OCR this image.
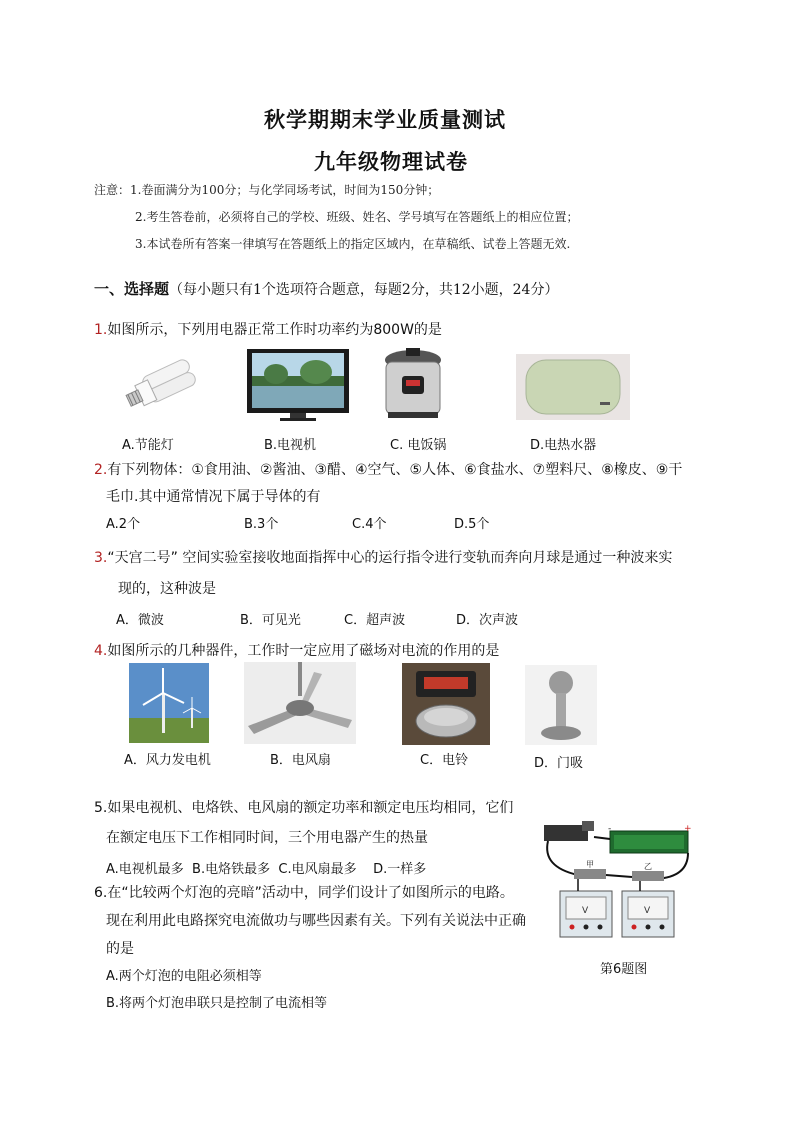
秋学期期末学业质量测试
九年级物理试卷
注意：1.卷面满分为100分；与化学同场考试，时间为150分钟；
2.考生答卷前，必须将自己的学校、班级、姓名、学号填写在答题纸上的相应位置；
3.本试卷所有答案一律填写在答题纸上的指定区域内，在草稿纸、试卷上答题无效.
一、选择题（每小题只有1个选项符合题意，每题2分，共12小题，24分）
1.如图所示，下列用电器正常工作时功率约为800W的是
A.节能灯	B.电视机	C. 电饭锅	D.电热水器
2.有下列物体：①食用油、②酱油、③醋、④空气、⑤人体、⑥食盐水、⑦塑料尺、⑧橡皮、⑨干
毛巾.其中通常情况下属于导体的有
A.2个	B.3个	C.4个	D.5个
3.“天宫二号” 空间实验室接收地面指挥中心的运行指令进行变轨而奔向月球是通过一种波来实
现的，这种波是
A．微波	B．可见光	C．超声波	D．次声波
4.如图所示的几种器件，工作时一定应用了磁场对电流的作用的是
A．风力发电机	B．电风扇	C．电铃	D．门吸
5.如果电视机、电烙铁、电风扇的额定功率和额定电压均相同，它们
在额定电压下工作相同时间，三个用电器产生的热量
A.电视机最多  B.电烙铁最多  C.电风扇最多    D.一样多
6.在“比较两个灯泡的亮暗”活动中，同学们设计了如图所示的电路。
现在利用此电路探究电流做功与哪些因素有关。下列有关说法中正确
的是
A.两个灯泡的电阻必须相等
B.将两个灯泡串联只是控制了电流相等
+
-
甲	乙
V	V
第6题图
